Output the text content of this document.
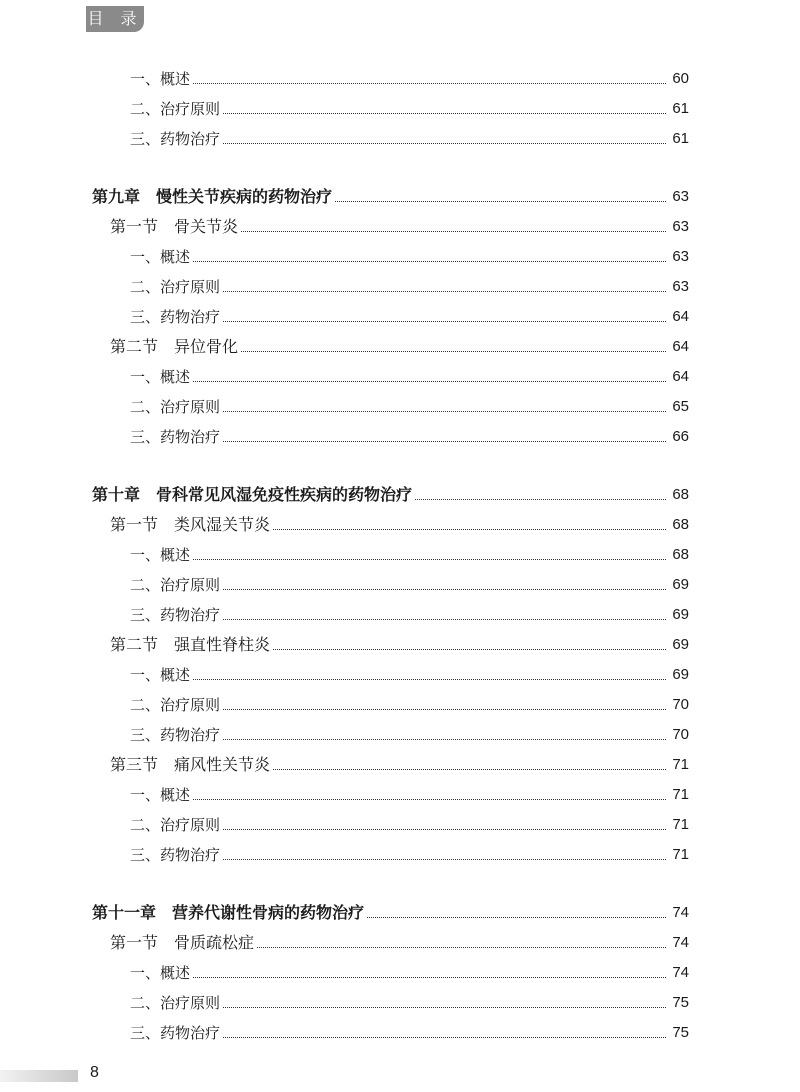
目 录
一、概述	60
二、治疗原则	61
三、药物治疗	61
第九章　慢性关节疾病的药物治疗	63
第一节　骨关节炎	63
一、概述	63
二、治疗原则	63
三、药物治疗	64
第二节　异位骨化	64
一、概述	64
二、治疗原则	65
三、药物治疗	66
第十章　骨科常见风湿免疫性疾病的药物治疗	68
第一节　类风湿关节炎	68
一、概述	68
二、治疗原则	69
三、药物治疗	69
第二节　强直性脊柱炎	69
一、概述	69
二、治疗原则	70
三、药物治疗	70
第三节　痛风性关节炎	71
一、概述	71
二、治疗原则	71
三、药物治疗	71
第十一章　营养代谢性骨病的药物治疗	74
第一节　骨质疏松症	74
一、概述	74
二、治疗原则	75
三、药物治疗	75
8
